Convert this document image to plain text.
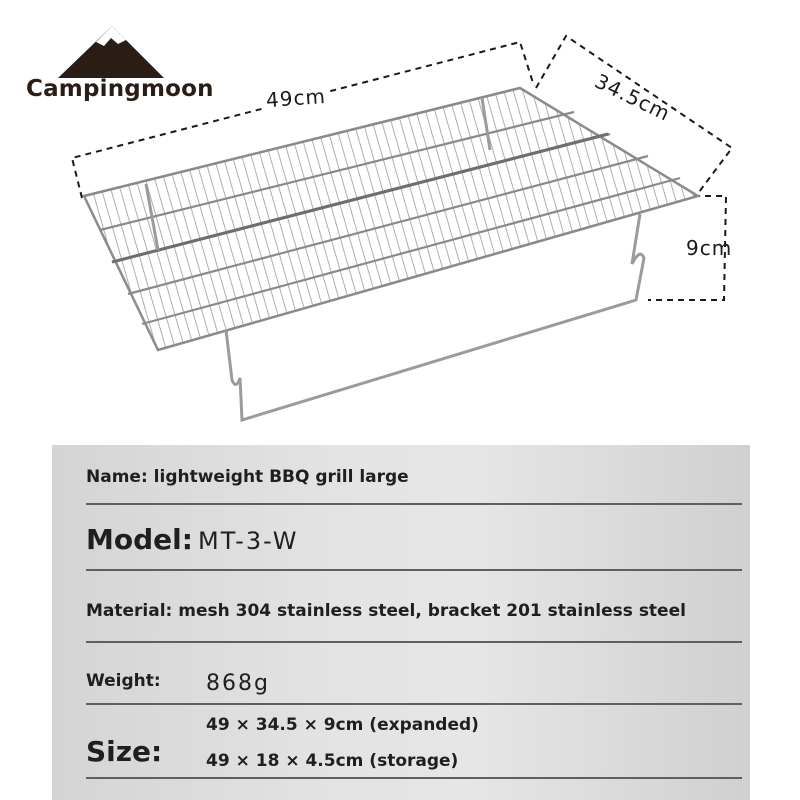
Campingmoon	49cm	34.5cm
9cm
Name: lightweight BBQ grill large
Model: MT-3-W
Material: mesh 304 stainless steel, bracket 201 stainless steel
Weight: 868g
Size:
49 × 34.5 × 9cm (expanded)
49 × 18 × 4.5cm (storage)
